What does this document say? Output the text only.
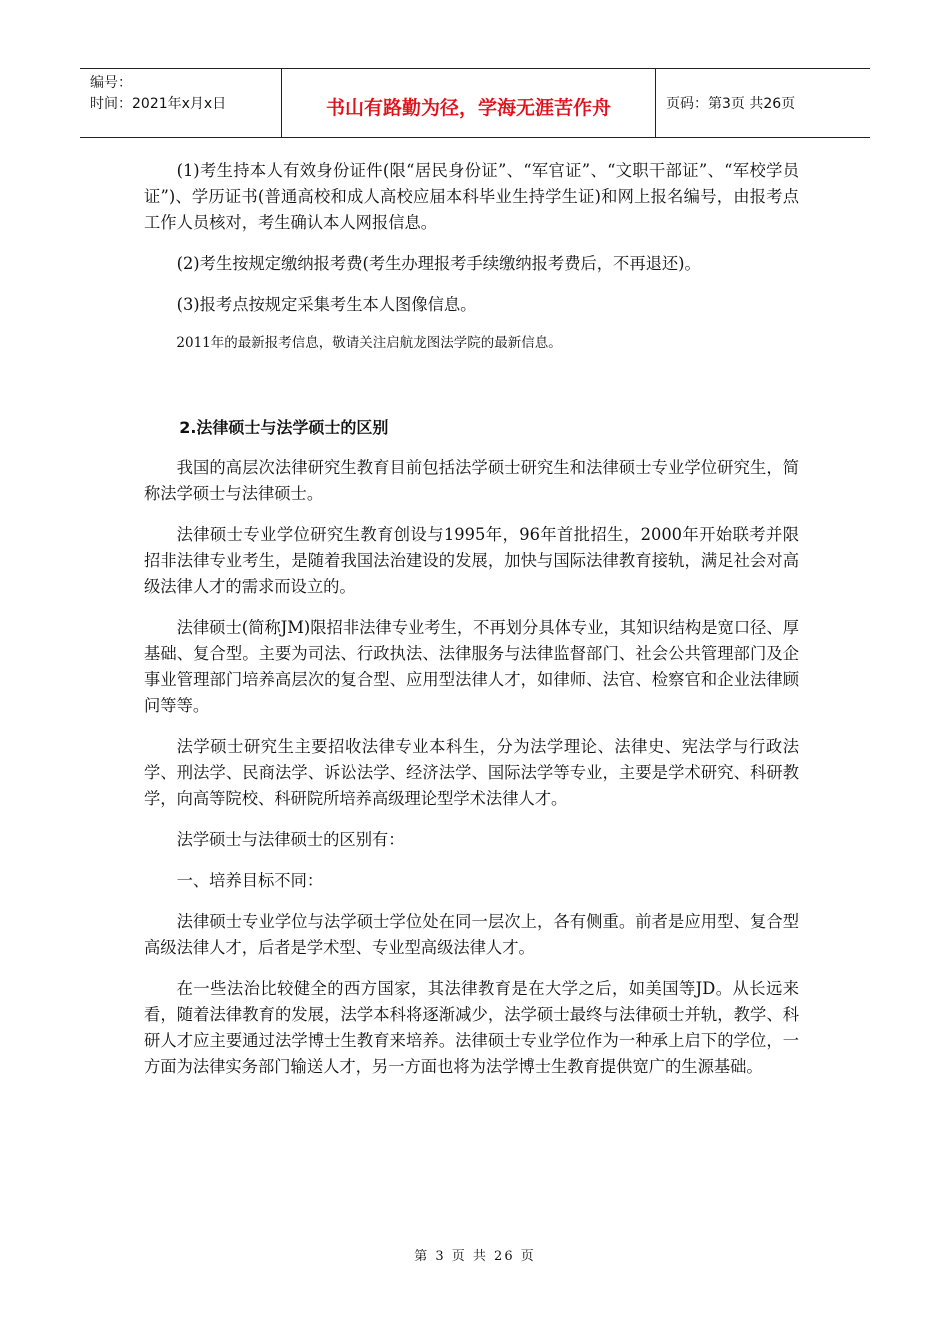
编号：
时间：2021年x月x日	书山有路勤为径，学海无涯苦作舟	页码：第3页 共26页

(1)考生持本人有效身份证件(限“居民身份证”、“军官证”、“文职干部证”、“军校学员证”)、学历证书(普通高校和成人高校应届本科毕业生持学生证)和网上报名编号，由报考点工作人员核对，考生确认本人网报信息。

(2)考生按规定缴纳报考费(考生办理报考手续缴纳报考费后，不再退还)。

(3)报考点按规定采集考生本人图像信息。

2011年的最新报考信息，敬请关注启航龙图法学院的最新信息。

2.法律硕士与法学硕士的区别

我国的高层次法律研究生教育目前包括法学硕士研究生和法律硕士专业学位研究生，简称法学硕士与法律硕士。

法律硕士专业学位研究生教育创设与1995年，96年首批招生，2000年开始联考并限招非法律专业考生，是随着我国法治建设的发展，加快与国际法律教育接轨，满足社会对高级法律人才的需求而设立的。

法律硕士(简称JM)限招非法律专业考生，不再划分具体专业，其知识结构是宽口径、厚基础、复合型。主要为司法、行政执法、法律服务与法律监督部门、社会公共管理部门及企事业管理部门培养高层次的复合型、应用型法律人才，如律师、法官、检察官和企业法律顾问等等。

法学硕士研究生主要招收法律专业本科生，分为法学理论、法律史、宪法学与行政法学、刑法学、民商法学、诉讼法学、经济法学、国际法学等专业，主要是学术研究、科研教学，向高等院校、科研院所培养高级理论型学术法律人才。

法学硕士与法律硕士的区别有：

一、培养目标不同：

法律硕士专业学位与法学硕士学位处在同一层次上，各有侧重。前者是应用型、复合型高级法律人才，后者是学术型、专业型高级法律人才。

在一些法治比较健全的西方国家，其法律教育是在大学之后，如美国等JD。从长远来看，随着法律教育的发展，法学本科将逐渐减少，法学硕士最终与法律硕士并轨，教学、科研人才应主要通过法学博士生教育来培养。法律硕士专业学位作为一种承上启下的学位，一方面为法律实务部门输送人才，另一方面也将为法学博士生教育提供宽广的生源基础。

第 3 页 共 26 页
